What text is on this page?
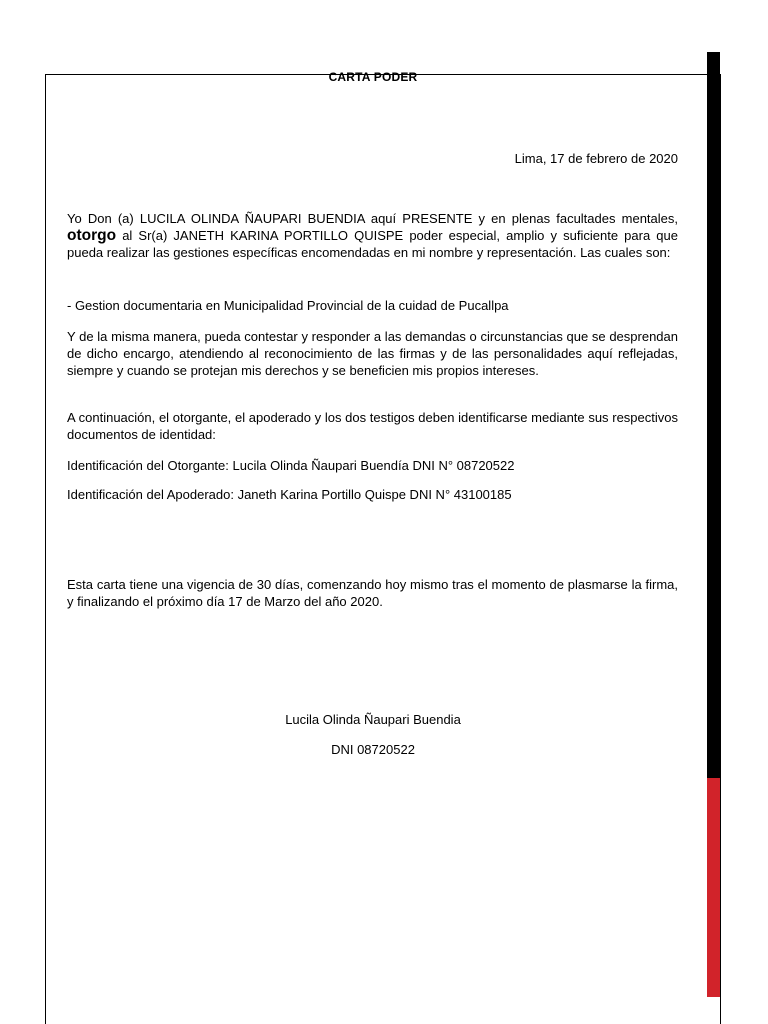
CARTA PODER
Lima, 17 de febrero de 2020

Yo Don (a) LUCILA OLINDA ÑAUPARI BUENDIA aquí PRESENTE y en plenas facultades mentales, otorgo al Sr(a) JANETH KARINA PORTILLO QUISPE poder especial, amplio y suficiente para que pueda realizar las gestiones específicas encomendadas en mi nombre y representación. Las cuales son:

- Gestion documentaria en Municipalidad Provincial de la cuidad de Pucallpa

Y de la misma manera, pueda contestar y responder a las demandas o circunstancias que se desprendan de dicho encargo, atendiendo al reconocimiento de las firmas y de las personalidades aquí reflejadas, siempre y cuando se protejan mis derechos y se beneficien mis propios intereses.

A continuación, el otorgante, el apoderado y los dos testigos deben identificarse mediante sus respectivos documentos de identidad:

Identificación del Otorgante: Lucila Olinda Ñaupari Buendía DNI N° 08720522

Identificación del Apoderado: Janeth Karina Portillo Quispe DNI N° 43100185

Esta carta tiene una vigencia de 30 días, comenzando hoy mismo tras el momento de plasmarse la firma, y finalizando el próximo día 17 de Marzo del año 2020.

Lucila Olinda Ñaupari Buendia
DNI 08720522
